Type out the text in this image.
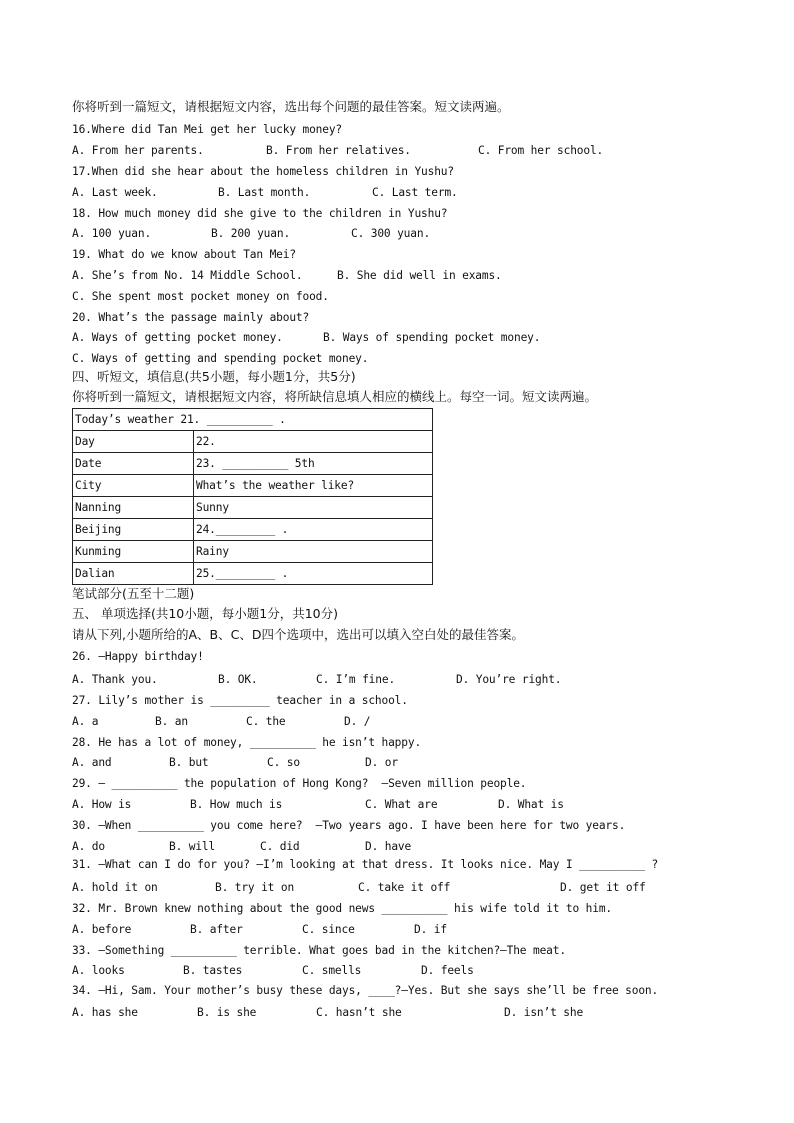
你将听到一篇短文，请根据短文内容，选出每个问题的最佳答案。短文读两遍。
16.Where did Tan Mei get her lucky money?

A. From her parents.

	B. From her relatives.

	C. From her school.

17.When did she hear about the homeless children in Yushu?

A. Last week.

	B. Last month.

	C. Last term.

18. How much money did she give to the children in Yushu?

A. 100 yuan.

	B. 200 yuan.

	C. 300 yuan.

19. What do we know about Tan Mei?

A. She’s from No. 14 Middle School.

	B. She did well in exams.

C. She spent most pocket money on food.
20. What’s the passage mainly about?

A. Ways of getting pocket money.

	B. Ways of spending pocket money.

C. Ways of getting and spending pocket money.
四、听短文，填信息(共5小题，每小题1分，共5分)
你将听到一篇短文，请根据短文内容，将所缺信息填人相应的横线上。每空一词。短文读两遍。
Today’s weather 21. __________ .	
Day	22.
Date	23. __________ 5th
City	What’s the weather like?
Nanning	Sunny
Beijing	24._________ .
Kunming	Rainy
Dalian	25._________ .
笔试部分(五至十二题)
五、 单项选择(共10小题，每小题1分，共10分)
请从下列,小题所给的A、B、C、D四个选项中，选出可以填入空白处的最佳答案。
26. —Happy birthday!

A. Thank you.

	B. OK.

	C. I’m fine.

	D. You’re right.

27. Lily’s mother is _________ teacher in a school.

A. a

	B. an

	C. the

	D. /

28. He has a lot of money, __________ he isn’t happy.

A. and

	B. but

	C. so

	D. or

29. — __________ the population of Hong Kong?  —Seven million people.

A. How is

	B. How much is

	C. What are

	D. What is

30. —When __________ you come here?  —Two years ago. I have been here for two years.

A. do

	B. will

	C. did

	D. have

31. —What can I do for you? —I’m looking at that dress. It looks nice. May I __________ ?

A. hold it on

	B. try it on

	C. take it off

	D. get it off

32. Mr. Brown knew nothing about the good news __________ his wife told it to him.

A. before

	B. after

	C. since

	D. if

33. —Something __________ terrible. What goes bad in the kitchen?—The meat.

A. looks

	B. tastes

	C. smells

	D. feels

34. —Hi, Sam. Your mother’s busy these days, ____?—Yes. But she says she’ll be free soon.

A. has she

	B. is she

	C. hasn’t she

	D. isn’t she
